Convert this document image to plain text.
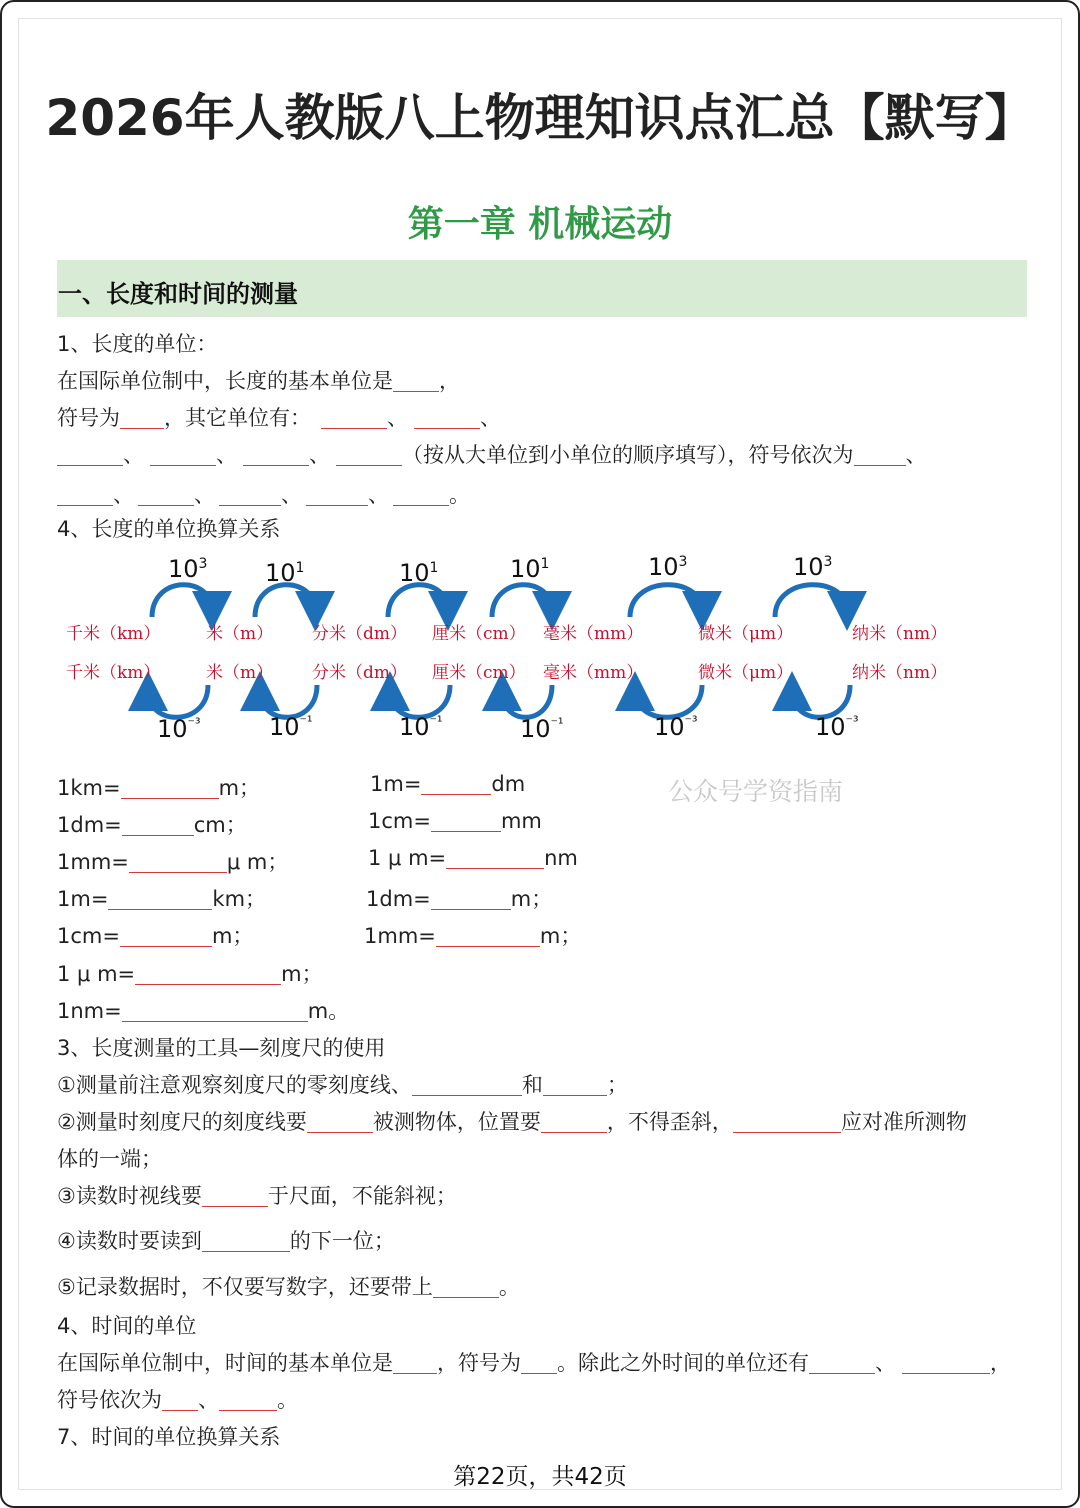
2026年人教版八上物理知识点汇总【默写】
第一章 机械运动
一、长度和时间的测量
1、长度的单位：
在国际单位制中，长度的基本单位是 ，
符号为 ，其它单位有：	、	、
、	、	、	（按从大单位到小单位的顺序填写），符号依次为 、
、	、	、	、	。
4、长度的单位换算关系
千米（km）	米（m） 分米（dm） 厘米（cm） 毫米（mm）	微米（μm）	纳米（nm）
千米（km）	米（m） 分米（dm） 厘米（cm） 毫米（mm）	微米（μm）	纳米（nm）
$10^3$ $10^1$	$10^1$	$10^1$	$10^3$	$10^3$
$10^{^{-3}}$	$10^{^{-1}}$	$10^{^{-1}}$	$10^{^{-1}}$	$10^{^{-3}}$	$10^{^{-3}}$
公众号学资指南
1km=	m；	1m=	dm
1dm=	cm；	1cm=	mm
1mm=	μ m；	1 μ m=	nm
1m=	km；	1dm=	m；
1cm=	m；	1mm=	m；
1 μ m=	m；
1nm=	m。
3、长度测量的工具—刻度尺的使用
①测量前注意观察刻度尺的零刻度线、	和	；
②测量时刻度尺的刻度线要	被测物体，位置要	，不得歪斜，	应对准所测物
体的一端；
③读数时视线要	于尺面，不能斜视；
④读数时要读到	的下一位；
⑤记录数据时，不仅要写数字，还要带上	。
4、时间的单位
在国际单位制中，时间的基本单位是 ，符号为 。除此之外时间的单位还有	、	，
符号依次为 、	。
7、时间的单位换算关系
第22页，共42页
